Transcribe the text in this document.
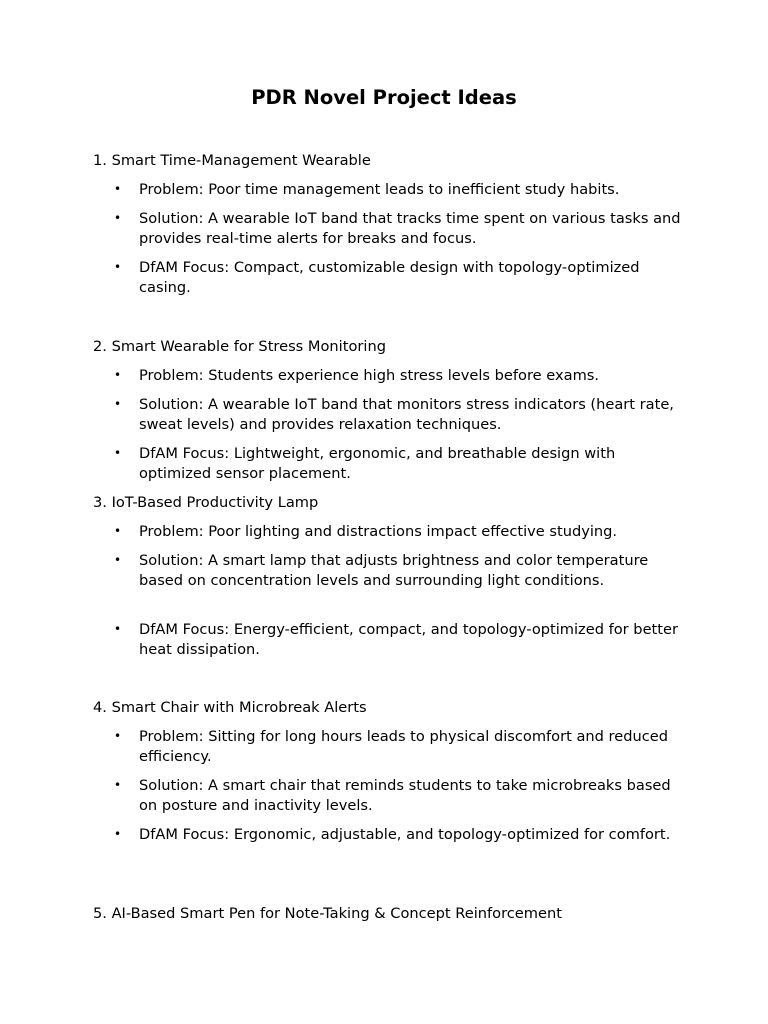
PDR Novel Project Ideas

1. Smart Time-Management Wearable

• Problem: Poor time management leads to inefficient study habits.
• Solution: A wearable IoT band that tracks time spent on various tasks and provides real-time alerts for breaks and focus.
• DfAM Focus: Compact, customizable design with topology-optimized casing.

2. Smart Wearable for Stress Monitoring

• Problem: Students experience high stress levels before exams.
• Solution: A wearable IoT band that monitors stress indicators (heart rate, sweat levels) and provides relaxation techniques.
• DfAM Focus: Lightweight, ergonomic, and breathable design with optimized sensor placement.

3. IoT-Based Productivity Lamp

• Problem: Poor lighting and distractions impact effective studying.
• Solution: A smart lamp that adjusts brightness and color temperature based on concentration levels and surrounding light conditions.
• DfAM Focus: Energy-efficient, compact, and topology-optimized for better heat dissipation.

4. Smart Chair with Microbreak Alerts

• Problem: Sitting for long hours leads to physical discomfort and reduced efficiency.
• Solution: A smart chair that reminds students to take microbreaks based on posture and inactivity levels.
• DfAM Focus: Ergonomic, adjustable, and topology-optimized for comfort.

5. AI-Based Smart Pen for Note-Taking & Concept Reinforcement
